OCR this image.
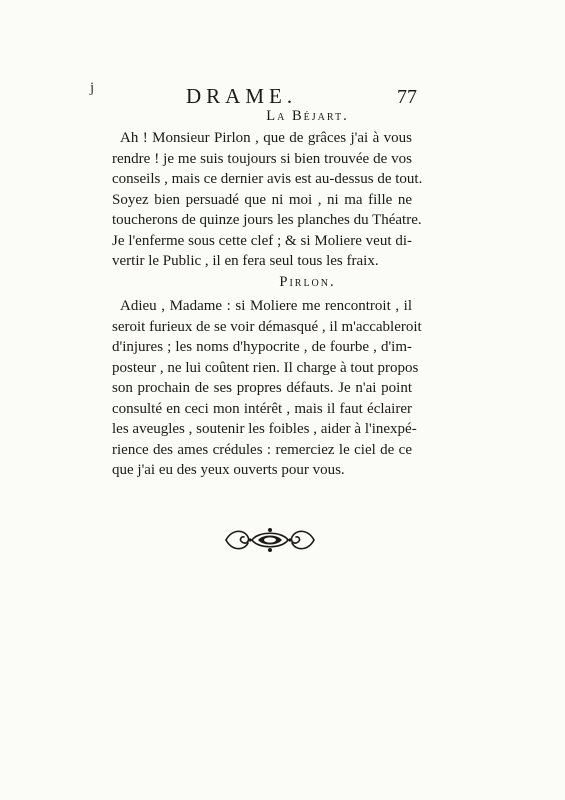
j	DRAME.	77
La Béjart.
Ah ! Monsieur Pirlon , que de grâces j'ai à vous
rendre ! je me suis toujours si bien trouvée de vos
conseils , mais ce dernier avis est au-dessus de tout.
Soyez bien persuadé que ni moi , ni ma fille ne
toucherons de quinze jours les planches du Théatre.
Je l'enferme sous cette clef ; & si Moliere veut di-
vertir le Public , il en fera seul tous les fraix.
Pirlon.
Adieu , Madame : si Moliere me rencontroit , il
seroit furieux de se voir démasqué , il m'accableroit
d'injures ; les noms d'hypocrite , de fourbe , d'im-
posteur , ne lui coûtent rien. Il charge à tout propos
son prochain de ses propres défauts. Je n'ai point
consulté en ceci mon intérêt , mais il faut éclairer
les aveugles , soutenir les foibles , aider à l'inexpé-
rience des ames crédules : remerciez le ciel de ce
que j'ai eu des yeux ouverts pour vous.
